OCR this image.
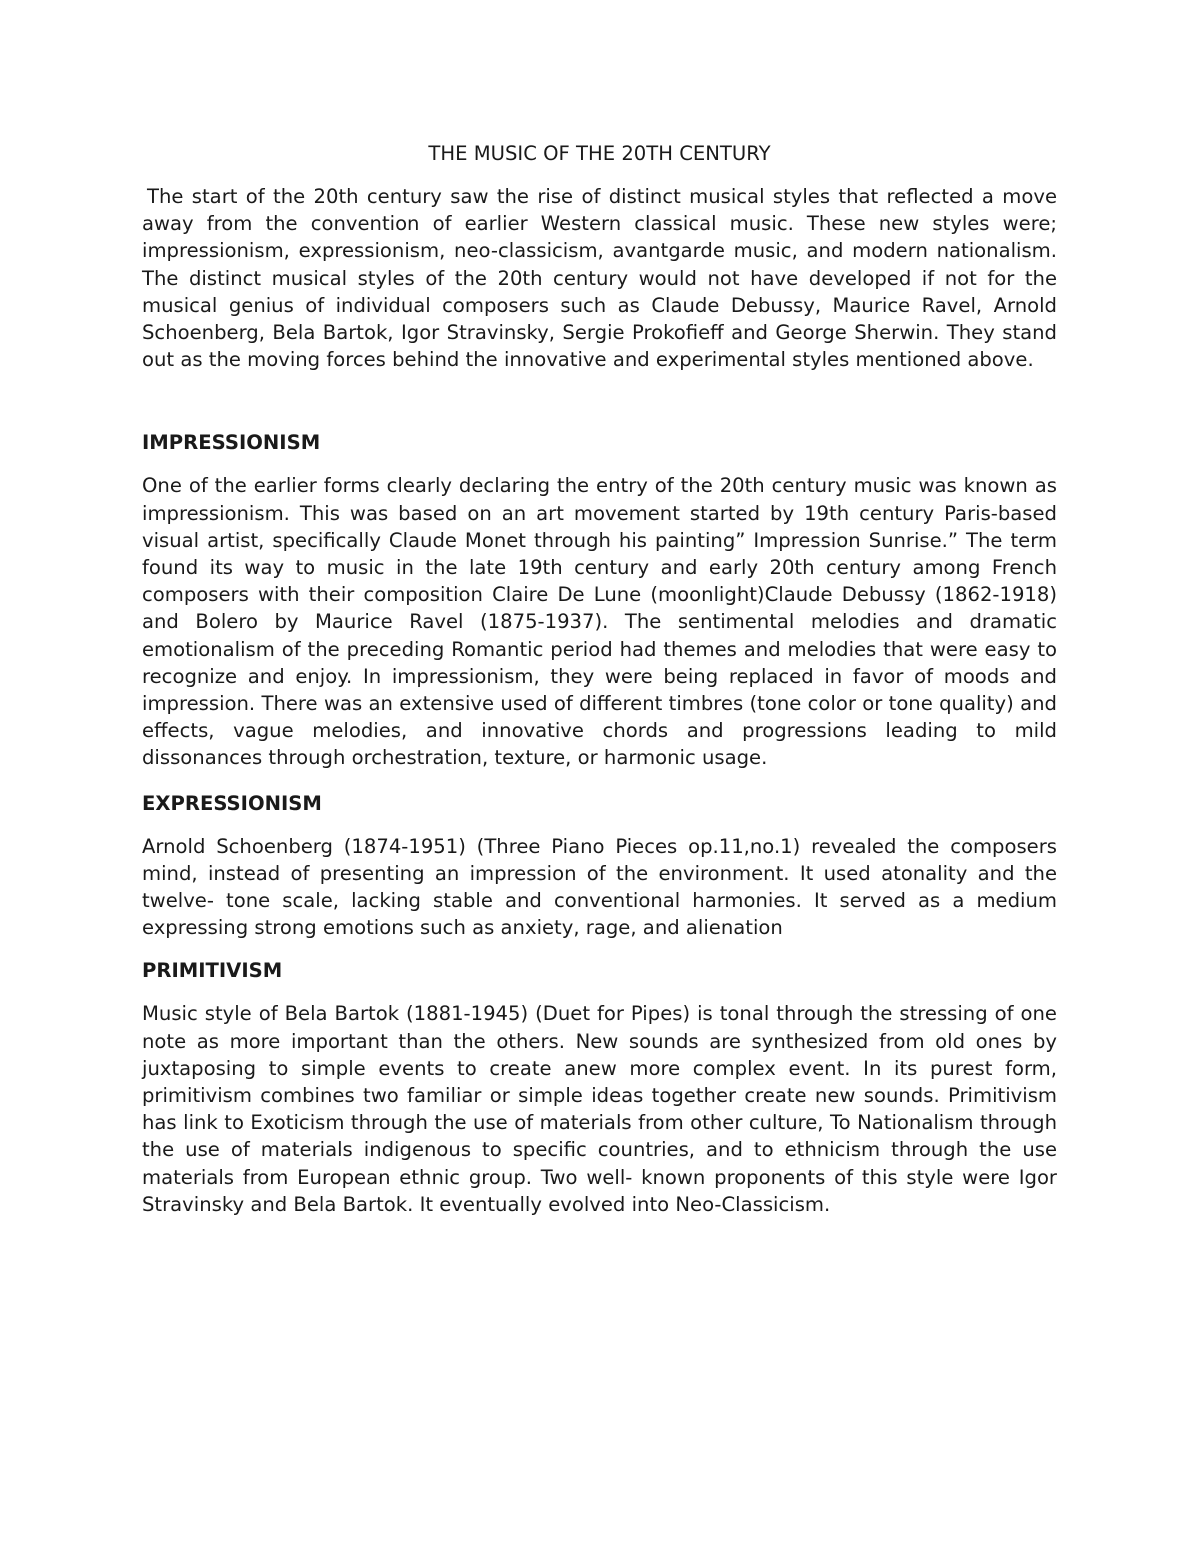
THE MUSIC OF THE 20TH CENTURY

The start of the 20th century saw the rise of distinct musical styles that reflected a move away from the convention of earlier Western classical music. These new styles were; impressionism, expressionism, neo-classicism, avantgarde music, and modern nationalism. The distinct musical styles of the 20th century would not have developed if not for the musical genius of individual composers such as Claude Debussy, Maurice Ravel, Arnold Schoenberg, Bela Bartok, Igor Stravinsky, Sergie Prokofieff and George Sherwin. They stand out as the moving forces behind the innovative and experimental styles mentioned above.

IMPRESSIONISM

One of the earlier forms clearly declaring the entry of the 20th century music was known as impressionism. This was based on an art movement started by 19th century Paris-based visual artist, specifically Claude Monet through his painting” Impression Sunrise.” The term found its way to music in the late 19th century and early 20th century among French composers with their composition Claire De Lune (moonlight)Claude Debussy (1862-1918) and Bolero by Maurice Ravel (1875-1937). The sentimental melodies and dramatic emotionalism of the preceding Romantic period had themes and melodies that were easy to recognize and enjoy. In impressionism, they were being replaced in favor of moods and impression. There was an extensive used of different timbres (tone color or tone quality) and effects, vague melodies, and innovative chords and progressions leading to mild dissonances through orchestration, texture, or harmonic usage.

EXPRESSIONISM

Arnold Schoenberg (1874-1951) (Three Piano Pieces op.11,no.1) revealed the composers mind, instead of presenting an impression of the environment. It used atonality and the twelve- tone scale, lacking stable and conventional harmonies. It served as a medium expressing strong emotions such as anxiety, rage, and alienation

PRIMITIVISM

Music style of Bela Bartok (1881-1945) (Duet for Pipes) is tonal through the stressing of one note as more important than the others. New sounds are synthesized from old ones by juxtaposing to simple events to create anew more complex event. In its purest form, primitivism combines two familiar or simple ideas together create new sounds. Primitivism has link to Exoticism through the use of materials from other culture, To Nationalism through the use of materials indigenous to specific countries, and to ethnicism through the use materials from European ethnic group. Two well- known proponents of this style were Igor Stravinsky and Bela Bartok. It eventually evolved into Neo-Classicism.
